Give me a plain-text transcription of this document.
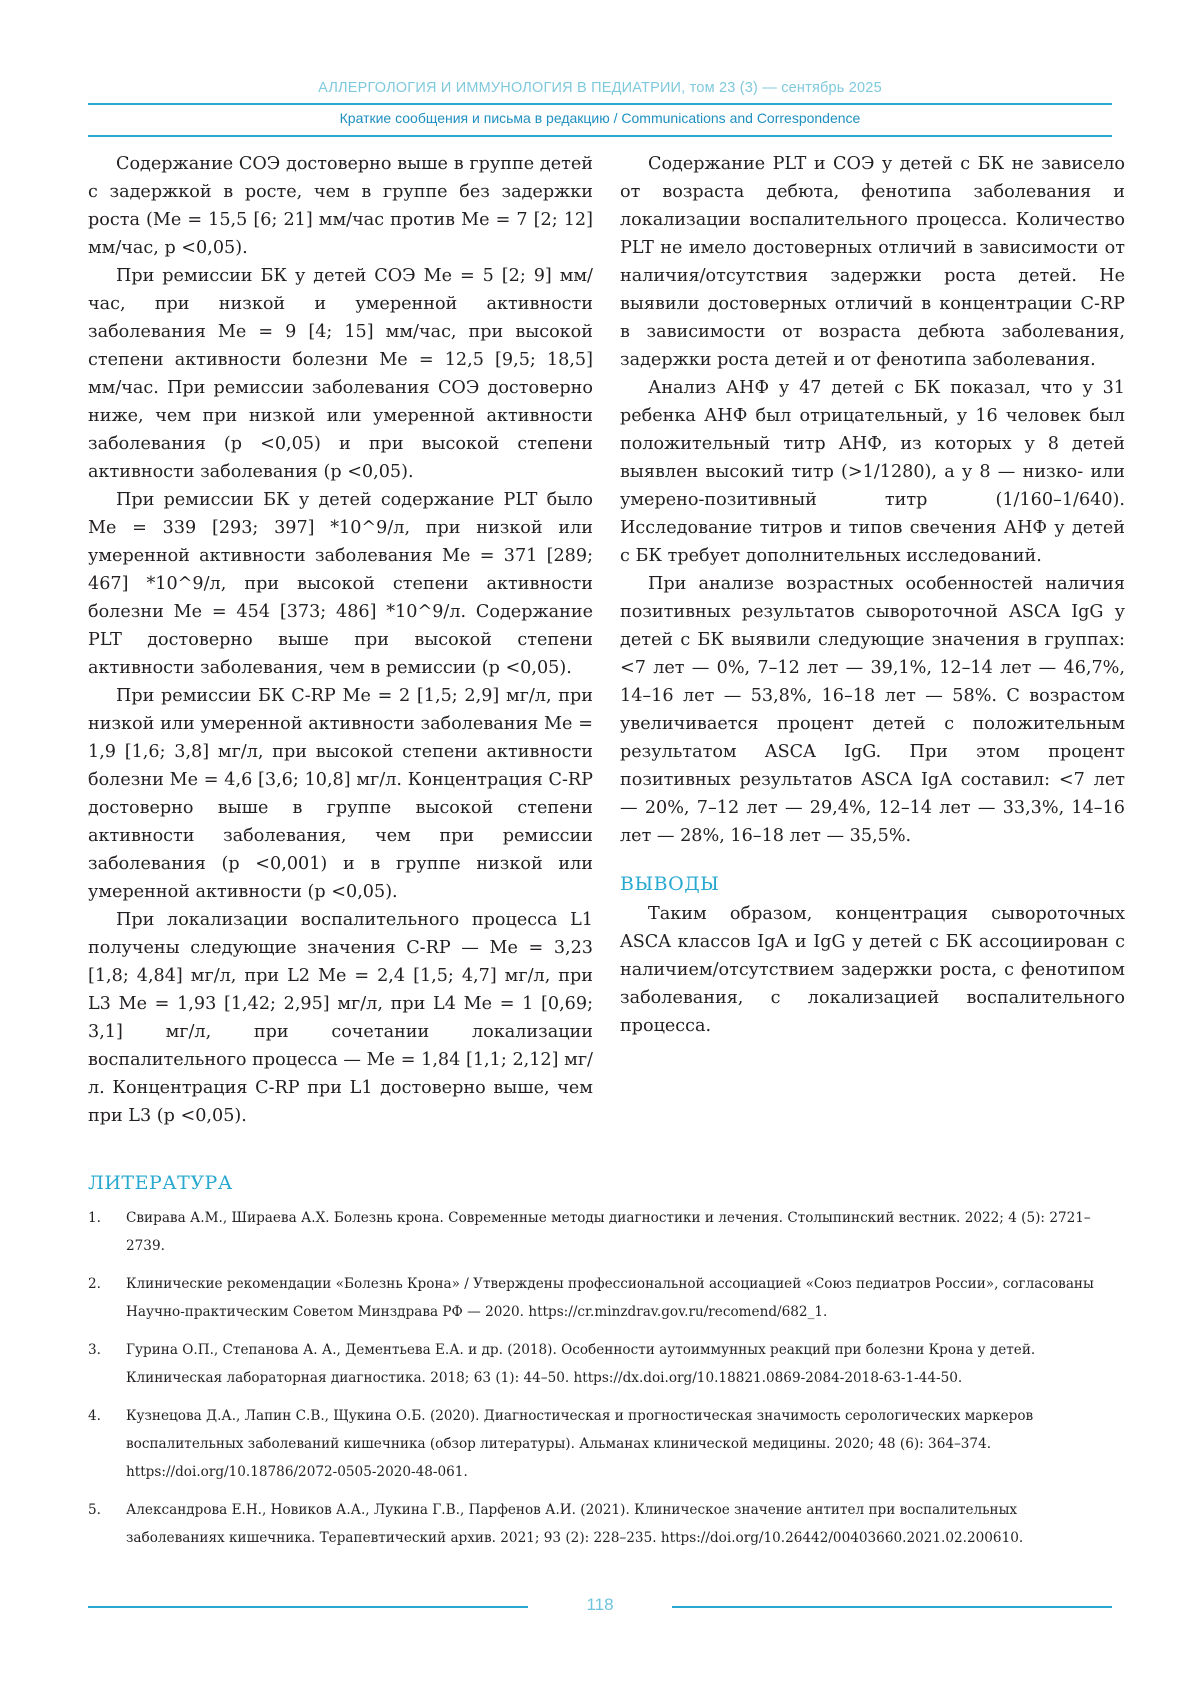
АЛЛЕРГОЛОГИЯ И ИММУНОЛОГИЯ В ПЕДИАТРИИ, том 23 (3) — сентябрь 2025
Краткие сообщения и письма в редакцию / Communications and Correspondence

Содержание СОЭ достоверно выше в группе детей с задержкой в росте, чем в группе без задержки роста (Me = 15,5 [6; 21] мм/час против Me = 7 [2; 12] мм/час, p <0,05).

При ремиссии БК у детей СОЭ Me = 5 [2; 9] мм/час, при низкой и умеренной активности заболевания Me = 9 [4; 15] мм/час, при высокой степени активности болезни Me = 12,5 [9,5; 18,5] мм/час. При ремиссии заболевания СОЭ достоверно ниже, чем при низкой или умеренной активности заболевания (p <0,05) и при высокой степени активности заболевания (p <0,05).

При ремиссии БК у детей содержание PLT было Me = 339 [293; 397] *10^9/л, при низкой или умеренной активности заболевания Me = 371 [289; 467] *10^9/л, при высокой степени активности болезни Me = 454 [373; 486] *10^9/л. Содержание PLT достоверно выше при высокой степени активности заболевания, чем в ремиссии (p <0,05).

При ремиссии БК C-RP Me = 2 [1,5; 2,9] мг/л, при низкой или умеренной активности заболевания Me = 1,9 [1,6; 3,8] мг/л, при высокой степени активности болезни Me = 4,6 [3,6; 10,8] мг/л. Концентрация C-RP достоверно выше в группе высокой степени активности заболевания, чем при ремиссии заболевания (p <0,001) и в группе низкой или умеренной активности (p <0,05).

При локализации воспалительного процесса L1 получены следующие значения C-RP — Me = 3,23 [1,8; 4,84] мг/л, при L2 Me = 2,4 [1,5; 4,7] мг/л, при L3 Me = 1,93 [1,42; 2,95] мг/л, при L4 Me = 1 [0,69; 3,1] мг/л, при сочетании локализации воспалительного процесса — Me = 1,84 [1,1; 2,12] мг/л. Концентрация C-RP при L1 достоверно выше, чем при L3 (p <0,05).

Содержание PLT и СОЭ у детей с БК не зависело от возраста дебюта, фенотипа заболевания и локализации воспалительного процесса. Количество PLT не имело достоверных отличий в зависимости от наличия/отсутствия задержки роста детей. Не выявили достоверных отличий в концентрации C-RP в зависимости от возраста дебюта заболевания, задержки роста детей и от фенотипа заболевания.

Анализ АНФ у 47 детей с БК показал, что у 31 ребенка АНФ был отрицательный, у 16 человек был положительный титр АНФ, из которых у 8 детей выявлен высокий титр (>1/1280), а у 8 — низко- или умерено-позитивный титр (1/160–1/640). Исследование титров и типов свечения АНФ у детей с БК требует дополнительных исследований.

При анализе возрастных особенностей наличия позитивных результатов сывороточной ASCA IgG у детей с БК выявили следующие значения в группах: <7 лет — 0%, 7–12 лет — 39,1%, 12–14 лет — 46,7%, 14–16 лет — 53,8%, 16–18 лет — 58%. С возрастом увеличивается процент детей с положительным результатом ASCA IgG. При этом процент позитивных результатов ASCA IgA составил: <7 лет — 20%, 7–12 лет — 29,4%, 12–14 лет — 33,3%, 14–16 лет — 28%, 16–18 лет — 35,5%.

ВЫВОДЫ

Таким образом, концентрация сывороточных ASCA классов IgA и IgG у детей с БК ассоциирован с наличием/отсутствием задержки роста, с фенотипом заболевания, с локализацией воспалительного процесса.

ЛИТЕРАТУРА
1.	Свирава А.М., Шираева А.Х. Болезнь крона. Современные методы диагностики и лечения. Столыпинский вестник. 2022; 4 (5): 2721–2739.
2.	Клинические рекомендации «Болезнь Крона» / Утверждены профессиональной ассоциацией «Союз педиатров России», согласованы Научно-практическим Советом Минздрава РФ — 2020. https://cr.minzdrav.gov.ru/recomend/682_1.
3.	Гурина О.П., Степанова А. А., Дементьева Е.А. и др. (2018). Особенности аутоиммунных реакций при болезни Крона у детей. Клиническая лабораторная диагностика. 2018; 63 (1): 44–50. https://dx.doi.org/10.18821.0869-2084-2018-63-1-44-50.
4.	Кузнецова Д.А., Лапин С.В., Щукина О.Б. (2020). Диагностическая и прогностическая значимость серологических маркеров воспалительных заболеваний кишечника (обзор литературы). Альманах клинической медицины. 2020; 48 (6): 364–374. https://doi.org/10.18786/2072-0505-2020-48-061.
5.	Александрова Е.Н., Новиков А.А., Лукина Г.В., Парфенов А.И. (2021). Клиническое значение антител при воспалительных заболеваниях кишечника. Терапевтический архив. 2021; 93 (2): 228–235. https://doi.org/10.26442/00403660.2021.02.200610.
118
